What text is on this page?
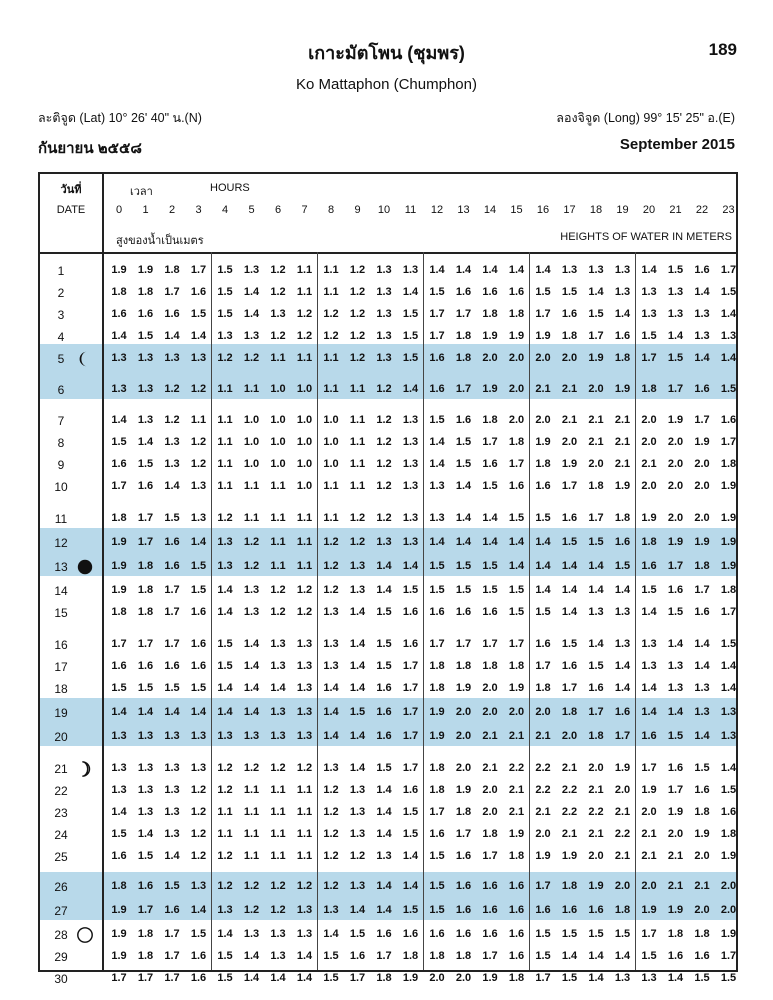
เกาะมัตโพน (ชุมพร)	189
Ko Mattaphon (Chumphon)
ละติจูด (Lat) 10° 26' 40" น.(N)	ลองจิจูด (Long) 99° 15' 25" อ.(E)
กันยายน ๒๕๕๘	September 2015
วันที่
DATE
เวลา	HOURS
0	1	2	3	4	5	6	7	8	9	10	11	12	13	14	15	16	17	18	19	20	21	22	23
สูงของน้ำเป็นเมตร	HEIGHTS OF WATER IN METERS
1	1.9	1.9	1.8	1.7	1.5	1.3	1.2	1.1	1.1	1.2	1.3	1.3	1.4	1.4	1.4	1.4	1.4	1.3	1.3	1.3	1.4	1.5	1.6	1.7
2	1.8	1.8	1.7	1.6	1.5	1.4	1.2	1.1	1.1	1.2	1.3	1.4	1.5	1.6	1.6	1.6	1.5	1.5	1.4	1.3	1.3	1.3	1.4	1.5
3	1.6	1.6	1.6	1.5	1.5	1.4	1.3	1.2	1.2	1.2	1.3	1.5	1.7	1.7	1.8	1.8	1.7	1.6	1.5	1.4	1.3	1.3	1.3	1.4
4	1.4	1.5	1.4	1.4	1.3	1.3	1.2	1.2	1.2	1.2	1.3	1.5	1.7	1.8	1.9	1.9	1.9	1.8	1.7	1.6	1.5	1.4	1.3	1.3
5	1.3	1.3	1.3	1.3	1.2	1.2	1.1	1.1	1.1	1.2	1.3	1.5	1.6	1.8	2.0	2.0	2.0	2.0	1.9	1.8	1.7	1.5	1.4	1.4
6	1.3	1.3	1.2	1.2	1.1	1.1	1.0	1.0	1.1	1.1	1.2	1.4	1.6	1.7	1.9	2.0	2.1	2.1	2.0	1.9	1.8	1.7	1.6	1.5
7	1.4	1.3	1.2	1.1	1.1	1.0	1.0	1.0	1.0	1.1	1.2	1.3	1.5	1.6	1.8	2.0	2.0	2.1	2.1	2.1	2.0	1.9	1.7	1.6
8	1.5	1.4	1.3	1.2	1.1	1.0	1.0	1.0	1.0	1.1	1.2	1.3	1.4	1.5	1.7	1.8	1.9	2.0	2.1	2.1	2.0	2.0	1.9	1.7
9	1.6	1.5	1.3	1.2	1.1	1.0	1.0	1.0	1.0	1.1	1.2	1.3	1.4	1.5	1.6	1.7	1.8	1.9	2.0	2.1	2.1	2.0	2.0	1.8
10	1.7	1.6	1.4	1.3	1.1	1.1	1.1	1.0	1.1	1.1	1.2	1.3	1.3	1.4	1.5	1.6	1.6	1.7	1.8	1.9	2.0	2.0	2.0	1.9
11	1.8	1.7	1.5	1.3	1.2	1.1	1.1	1.1	1.1	1.2	1.2	1.3	1.3	1.4	1.4	1.5	1.5	1.6	1.7	1.8	1.9	2.0	2.0	1.9
12	1.9	1.7	1.6	1.4	1.3	1.2	1.1	1.1	1.2	1.2	1.3	1.3	1.4	1.4	1.4	1.4	1.4	1.5	1.5	1.6	1.8	1.9	1.9	1.9
13	1.9	1.8	1.6	1.5	1.3	1.2	1.1	1.1	1.2	1.3	1.4	1.4	1.5	1.5	1.5	1.4	1.4	1.4	1.4	1.5	1.6	1.7	1.8	1.9
14	1.9	1.8	1.7	1.5	1.4	1.3	1.2	1.2	1.2	1.3	1.4	1.5	1.5	1.5	1.5	1.5	1.4	1.4	1.4	1.4	1.5	1.6	1.7	1.8
15	1.8	1.8	1.7	1.6	1.4	1.3	1.2	1.2	1.3	1.4	1.5	1.6	1.6	1.6	1.6	1.5	1.5	1.4	1.3	1.3	1.4	1.5	1.6	1.7
16	1.7	1.7	1.7	1.6	1.5	1.4	1.3	1.3	1.3	1.4	1.5	1.6	1.7	1.7	1.7	1.7	1.6	1.5	1.4	1.3	1.3	1.4	1.4	1.5
17	1.6	1.6	1.6	1.6	1.5	1.4	1.3	1.3	1.3	1.4	1.5	1.7	1.8	1.8	1.8	1.8	1.7	1.6	1.5	1.4	1.3	1.3	1.4	1.4
18	1.5	1.5	1.5	1.5	1.4	1.4	1.4	1.3	1.4	1.4	1.6	1.7	1.8	1.9	2.0	1.9	1.8	1.7	1.6	1.4	1.4	1.3	1.3	1.4
19	1.4	1.4	1.4	1.4	1.4	1.4	1.3	1.3	1.4	1.5	1.6	1.7	1.9	2.0	2.0	2.0	2.0	1.8	1.7	1.6	1.4	1.4	1.3	1.3
20	1.3	1.3	1.3	1.3	1.3	1.3	1.3	1.3	1.4	1.4	1.6	1.7	1.9	2.0	2.1	2.1	2.1	2.0	1.8	1.7	1.6	1.5	1.4	1.3
21	1.3	1.3	1.3	1.3	1.2	1.2	1.2	1.2	1.3	1.4	1.5	1.7	1.8	2.0	2.1	2.2	2.2	2.1	2.0	1.9	1.7	1.6	1.5	1.4
22	1.3	1.3	1.3	1.2	1.2	1.1	1.1	1.1	1.2	1.3	1.4	1.6	1.8	1.9	2.0	2.1	2.2	2.2	2.1	2.0	1.9	1.7	1.6	1.5
23	1.4	1.3	1.3	1.2	1.1	1.1	1.1	1.1	1.2	1.3	1.4	1.5	1.7	1.8	2.0	2.1	2.1	2.2	2.2	2.1	2.0	1.9	1.8	1.6
24	1.5	1.4	1.3	1.2	1.1	1.1	1.1	1.1	1.2	1.3	1.4	1.5	1.6	1.7	1.8	1.9	2.0	2.1	2.1	2.2	2.1	2.0	1.9	1.8
25	1.6	1.5	1.4	1.2	1.2	1.1	1.1	1.1	1.2	1.2	1.3	1.4	1.5	1.6	1.7	1.8	1.9	1.9	2.0	2.1	2.1	2.1	2.0	1.9
26	1.8	1.6	1.5	1.3	1.2	1.2	1.2	1.2	1.2	1.3	1.4	1.4	1.5	1.6	1.6	1.6	1.7	1.8	1.9	2.0	2.0	2.1	2.1	2.0
27	1.9	1.7	1.6	1.4	1.3	1.2	1.2	1.3	1.3	1.4	1.4	1.5	1.5	1.6	1.6	1.6	1.6	1.6	1.6	1.8	1.9	1.9	2.0	2.0
28	1.9	1.8	1.7	1.5	1.4	1.3	1.3	1.3	1.4	1.5	1.6	1.6	1.6	1.6	1.6	1.6	1.5	1.5	1.5	1.5	1.7	1.8	1.8	1.9
29	1.9	1.8	1.7	1.6	1.5	1.4	1.3	1.4	1.5	1.6	1.7	1.8	1.8	1.8	1.7	1.6	1.5	1.4	1.4	1.4	1.5	1.6	1.6	1.7
30	1.7	1.7	1.7	1.6	1.5	1.4	1.4	1.4	1.5	1.7	1.8	1.9	2.0	2.0	1.9	1.8	1.7	1.5	1.4	1.3	1.3	1.4	1.5	1.5
